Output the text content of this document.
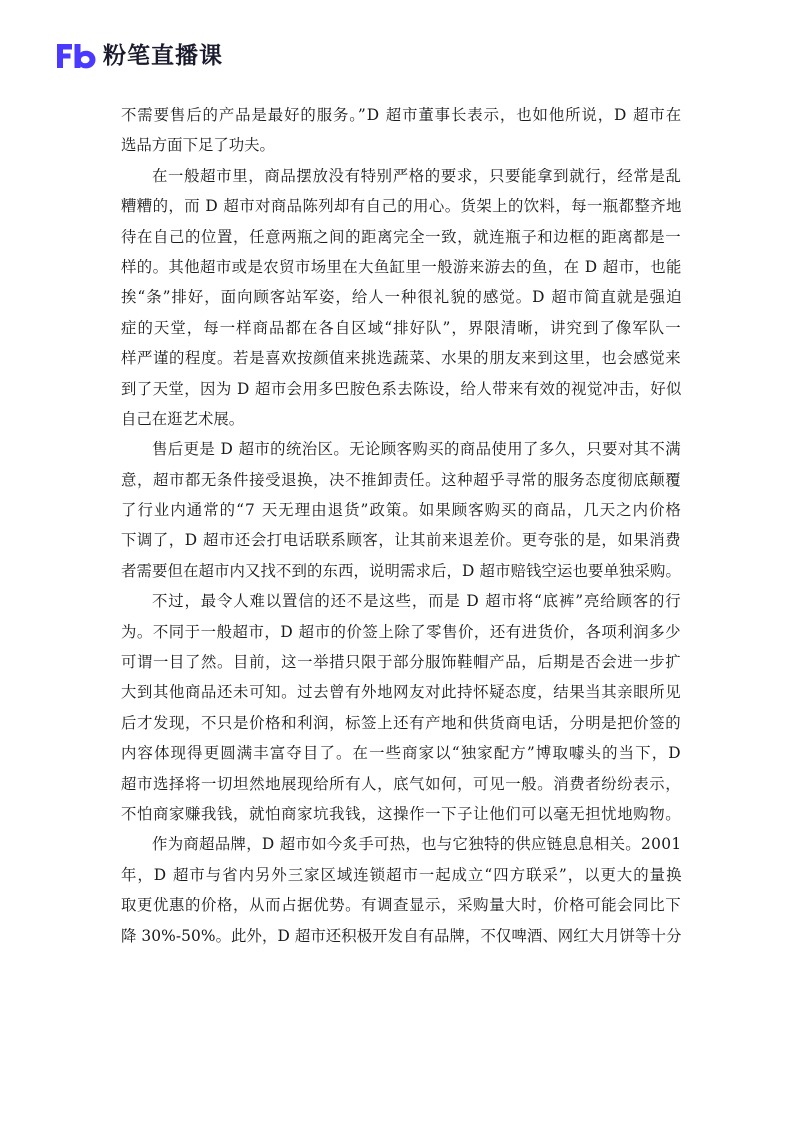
粉笔直播课
不需要售后的产品是最好的服务。”D 超市董事长表示，也如他所说，D 超市在
选品方面下足了功夫。
在一般超市里，商品摆放没有特别严格的要求，只要能拿到就行，经常是乱
糟糟的，而 D 超市对商品陈列却有自己的用心。货架上的饮料，每一瓶都整齐地
待在自己的位置，任意两瓶之间的距离完全一致，就连瓶子和边框的距离都是一
样的。其他超市或是农贸市场里在大鱼缸里一般游来游去的鱼，在 D 超市，也能
挨“条”排好，面向顾客站军姿，给人一种很礼貌的感觉。D 超市简直就是强迫
症的天堂，每一样商品都在各自区域“排好队”，界限清晰，讲究到了像军队一
样严谨的程度。若是喜欢按颜值来挑选蔬菜、水果的朋友来到这里，也会感觉来
到了天堂，因为 D 超市会用多巴胺色系去陈设，给人带来有效的视觉冲击，好似
自己在逛艺术展。
售后更是 D 超市的统治区。无论顾客购买的商品使用了多久，只要对其不满
意，超市都无条件接受退换，决不推卸责任。这种超乎寻常的服务态度彻底颠覆
了行业内通常的“7 天无理由退货”政策。如果顾客购买的商品，几天之内价格
下调了，D 超市还会打电话联系顾客，让其前来退差价。更夸张的是，如果消费
者需要但在超市内又找不到的东西，说明需求后，D 超市赔钱空运也要单独采购。
不过，最令人难以置信的还不是这些，而是 D 超市将“底裤”亮给顾客的行
为。不同于一般超市，D 超市的价签上除了零售价，还有进货价，各项利润多少
可谓一目了然。目前，这一举措只限于部分服饰鞋帽产品，后期是否会进一步扩
大到其他商品还未可知。过去曾有外地网友对此持怀疑态度，结果当其亲眼所见
后才发现，不只是价格和利润，标签上还有产地和供货商电话，分明是把价签的
内容体现得更圆满丰富夺目了。在一些商家以“独家配方”博取噱头的当下，D
超市选择将一切坦然地展现给所有人，底气如何，可见一般。消费者纷纷表示，
不怕商家赚我钱，就怕商家坑我钱，这操作一下子让他们可以毫无担忧地购物。
作为商超品牌，D 超市如今炙手可热，也与它独特的供应链息息相关。2001
年，D 超市与省内另外三家区域连锁超市一起成立“四方联采”，以更大的量换
取更优惠的价格，从而占据优势。有调查显示，采购量大时，价格可能会同比下
降 30%-50%。此外，D 超市还积极开发自有品牌，不仅啤酒、网红大月饼等十分
